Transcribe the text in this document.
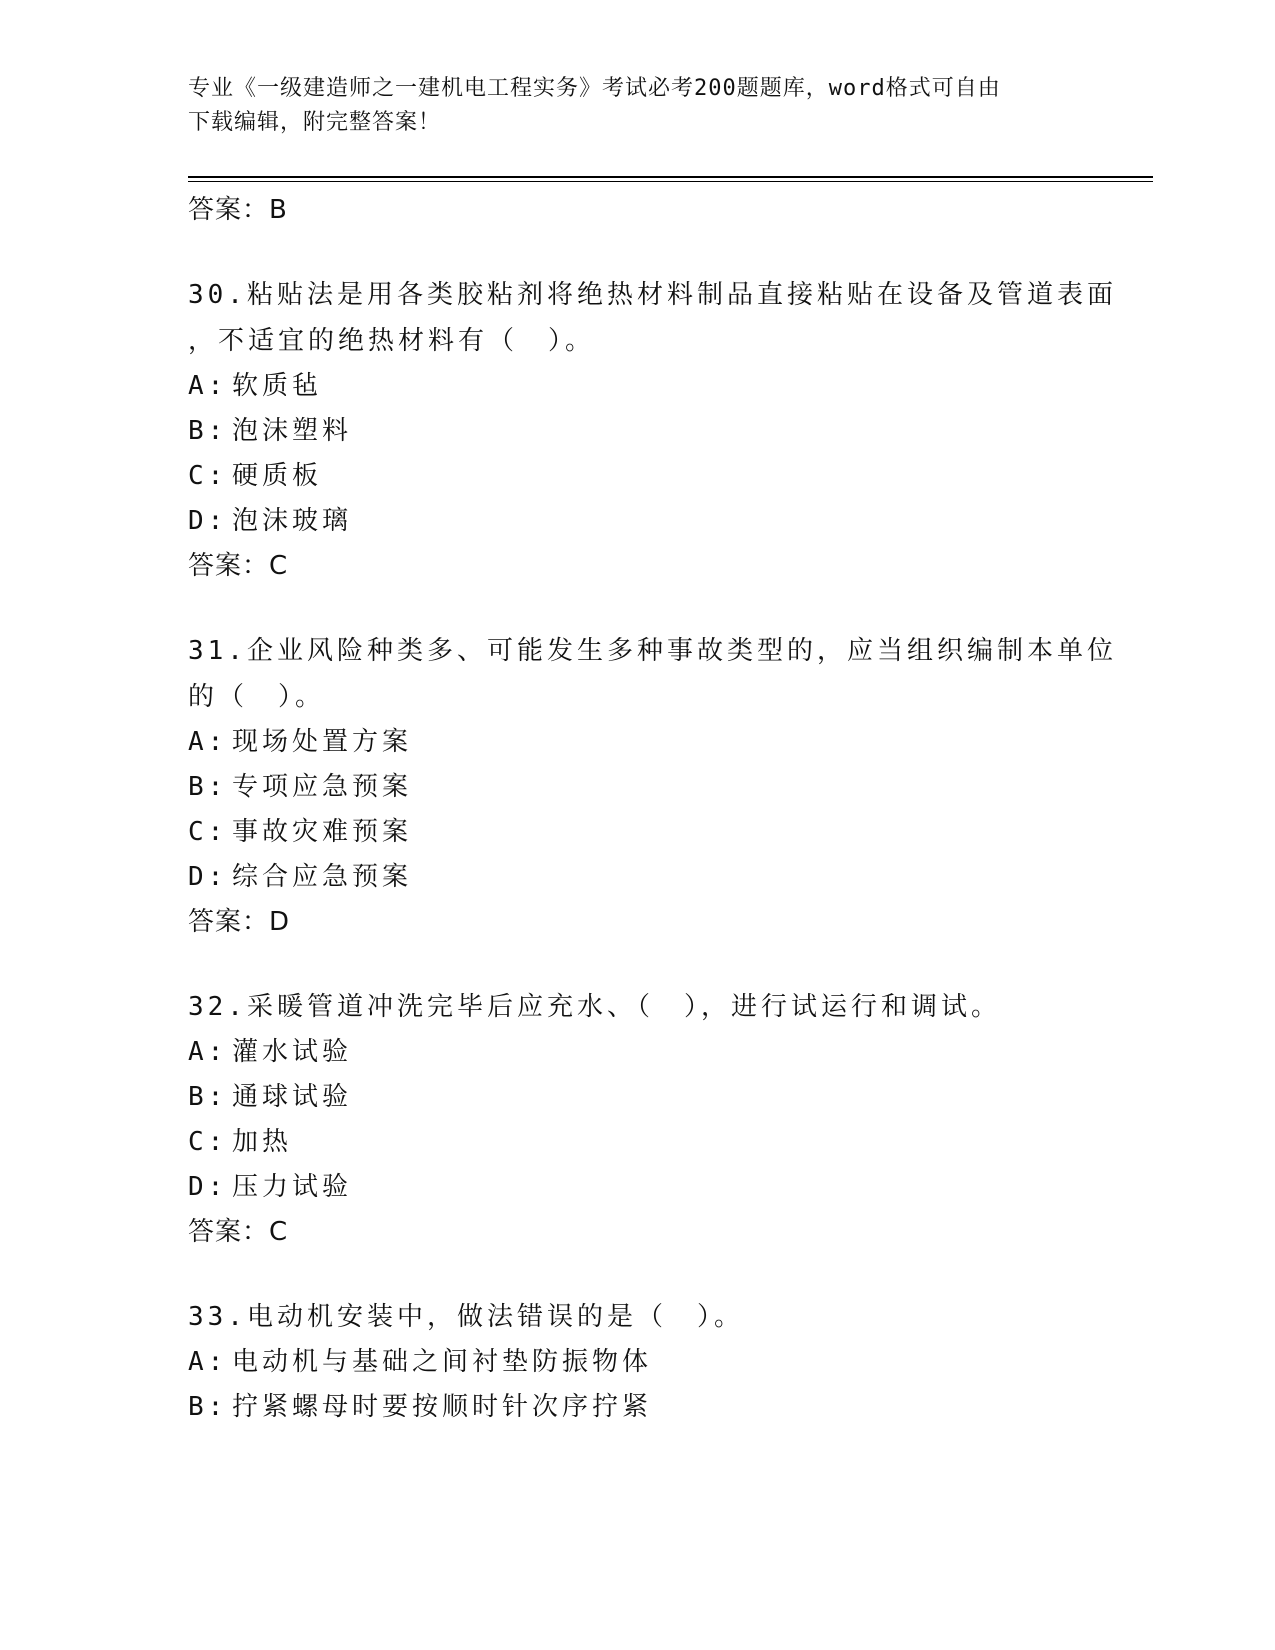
专业《一级建造师之一建机电工程实务》考试必考200题题库，word格式可自由
下载编辑，附完整答案！
答案：B
30.粘贴法是用各类胶粘剂将绝热材料制品直接粘贴在设备及管道表面
，不适宜的绝热材料有（　）。
A: 软质毡
B: 泡沫塑料
C: 硬质板
D: 泡沫玻璃
答案：C
31.企业风险种类多、可能发生多种事故类型的，应当组织编制本单位
的（　）。
A: 现场处置方案
B: 专项应急预案
C: 事故灾难预案
D: 综合应急预案
答案：D
32.采暖管道冲洗完毕后应充水、（　），进行试运行和调试。
A: 灌水试验
B: 通球试验
C: 加热
D: 压力试验
答案：C
33.电动机安装中，做法错误的是（　）。
A: 电动机与基础之间衬垫防振物体
B: 拧紧螺母时要按顺时针次序拧紧
